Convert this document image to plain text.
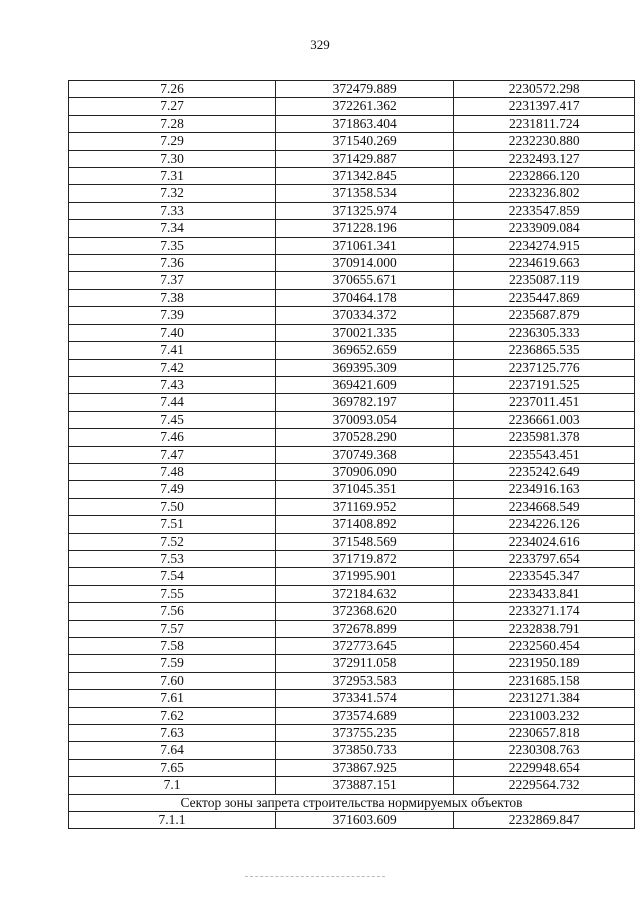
329
7.26	372479.889	2230572.298
7.27	372261.362	2231397.417
7.28	371863.404	2231811.724
7.29	371540.269	2232230.880
7.30	371429.887	2232493.127
7.31	371342.845	2232866.120
7.32	371358.534	2233236.802
7.33	371325.974	2233547.859
7.34	371228.196	2233909.084
7.35	371061.341	2234274.915
7.36	370914.000	2234619.663
7.37	370655.671	2235087.119
7.38	370464.178	2235447.869
7.39	370334.372	2235687.879
7.40	370021.335	2236305.333
7.41	369652.659	2236865.535
7.42	369395.309	2237125.776
7.43	369421.609	2237191.525
7.44	369782.197	2237011.451
7.45	370093.054	2236661.003
7.46	370528.290	2235981.378
7.47	370749.368	2235543.451
7.48	370906.090	2235242.649
7.49	371045.351	2234916.163
7.50	371169.952	2234668.549
7.51	371408.892	2234226.126
7.52	371548.569	2234024.616
7.53	371719.872	2233797.654
7.54	371995.901	2233545.347
7.55	372184.632	2233433.841
7.56	372368.620	2233271.174
7.57	372678.899	2232838.791
7.58	372773.645	2232560.454
7.59	372911.058	2231950.189
7.60	372953.583	2231685.158
7.61	373341.574	2231271.384
7.62	373574.689	2231003.232
7.63	373755.235	2230657.818
7.64	373850.733	2230308.763
7.65	373867.925	2229948.654
7.1	373887.151	2229564.732
Сектор зоны запрета строительства нормируемых объектов		
7.1.1	371603.609	2232869.847
